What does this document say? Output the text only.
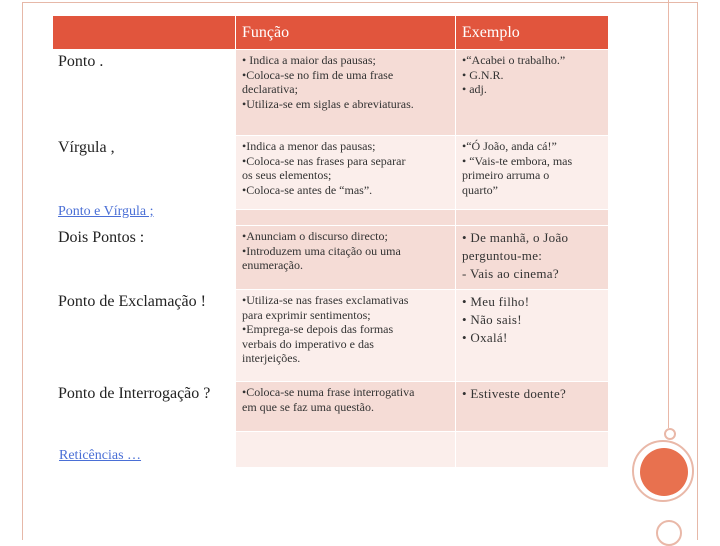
	Função	Exemplo
Ponto .	• Indica a maior das pausas;
•Coloca-se no fim de uma frase
declarativa;
•Utiliza-se em siglas e abreviaturas.	•“Acabei o trabalho.”
• G.N.R.
• adj.

Vírgula ,	•Indica a menor das pausas;
•Coloca-se nas frases para separar
os seus elementos;
•Coloca-se antes de “mas”.	•“Ó João, anda cá!”
• “Vais-te embora, mas
primeiro arruma o
quarto”

Ponto e Vírgula ;		

Dois Pontos :	•Anunciam o discurso directo;
•Introduzem uma citação ou uma
enumeração.	• De manhã, o João
perguntou-me:
- Vais ao cinema?

Ponto de Exclamação !	•Utiliza-se nas frases exclamativas
para exprimir sentimentos;
•Emprega-se depois das formas
verbais do imperativo e das
interjeições.	• Meu filho!
• Não sais!
• Oxalá!

Ponto de Interrogação ?	•Coloca-se numa frase interrogativa
em que se faz uma questão.	• Estiveste doente?

Reticências …		
